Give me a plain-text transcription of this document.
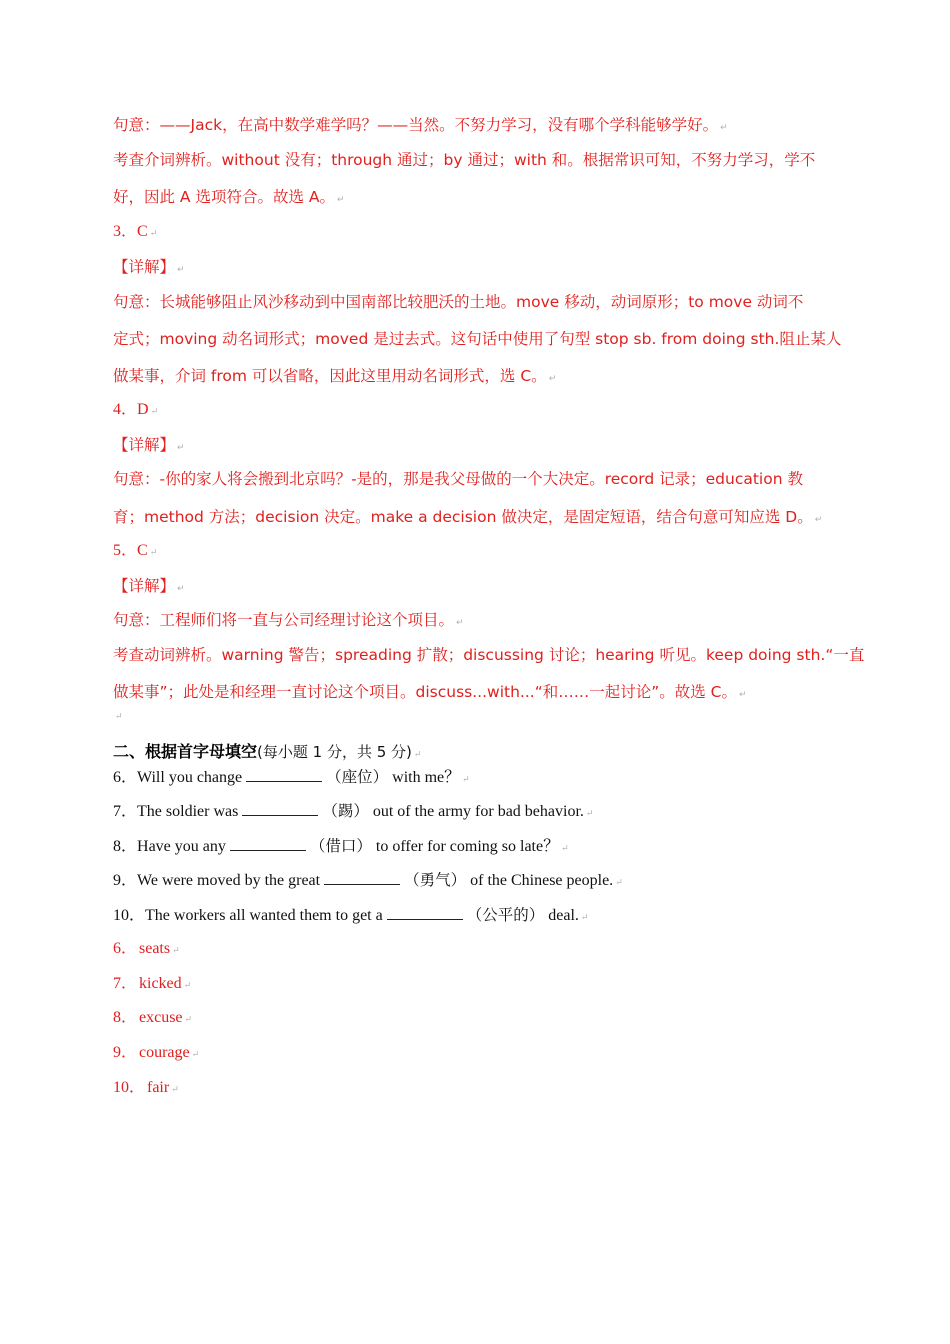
句意：——Jack，在高中数学难学吗？——当然。不努力学习，没有哪个学科能够学好。 ↵
考查介词辨析。without 没有；through 通过；by 通过；with 和。根据常识可知，不努力学习，学不
好，因此 A 选项符合。故选 A。 ↵
3．C ↵
【详解】 ↵
句意：长城能够阻止风沙移动到中国南部比较肥沃的土地。move 移动，动词原形；to move 动词不
定式；moving 动名词形式；moved 是过去式。这句话中使用了句型 stop sb. from doing sth.阻止某人
做某事，介词 from 可以省略，因此这里用动名词形式，选 C。 ↵
4．D ↵
【详解】 ↵
句意：-你的家人将会搬到北京吗？-是的，那是我父母做的一个大决定。record 记录；education 教
育；method 方法；decision 决定。make a decision 做决定，是固定短语，结合句意可知应选 D。 ↵
5．C ↵
【详解】 ↵
句意：工程师们将一直与公司经理讨论这个项目。 ↵
考查动词辨析。warning 警告；spreading 扩散；discussing 讨论；hearing 听见。keep doing sth.“一直
做某事”；此处是和经理一直讨论这个项目。discuss...with...“和……一起讨论”。故选 C。 ↵
↵
二、根据首字母填空(每小题 1 分，共 5 分) ↵
6．Will you change	（座位） with me？ ↵
7．The soldier was	（踢） out of the army for bad behavior. ↵
8．Have you any	（借口） to offer for coming so late？ ↵
9．We were moved by the great	（勇气） of the Chinese people. ↵
10．The workers all wanted them to get a	（公平的） deal. ↵
6． seats ↵
7． kicked ↵
8． excuse ↵
9． courage ↵
10． fair ↵
